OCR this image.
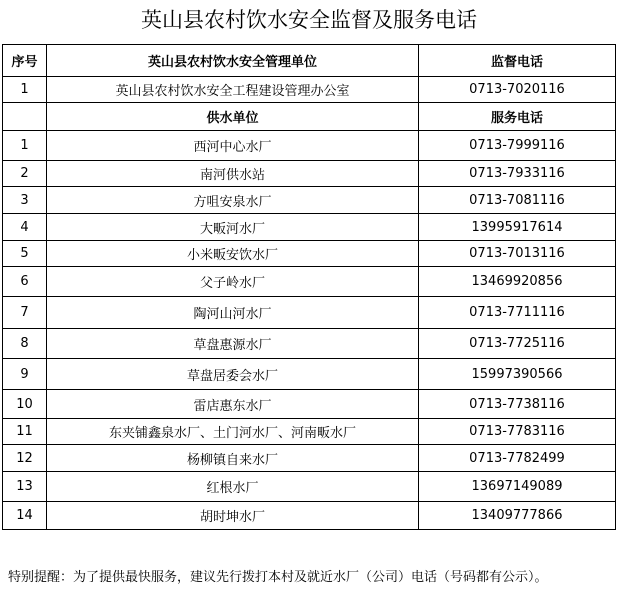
英山县农村饮水安全监督及服务电话
序号	英山县农村饮水安全管理单位	监督电话
1	英山县农村饮水安全工程建设管理办公室	0713-7020116
	供水单位	服务电话
1	西河中心水厂	0713-7999116
2	南河供水站	0713-7933116
3	方咀安泉水厂	0713-7081116
4	大畈河水厂	13995917614
5	小米畈安饮水厂	0713-7013116
6	父子岭水厂	13469920856
7	陶河山河水厂	0713-7711116
8	草盘惠源水厂	0713-7725116
9	草盘居委会水厂	15997390566
10	雷店惠东水厂	0713-7738116
11	东夹铺鑫泉水厂、土门河水厂、河南畈水厂	0713-7783116
12	杨柳镇自来水厂	0713-7782499
13	红根水厂	13697149089
14	胡时坤水厂	13409777866
特别提醒：为了提供最快服务，建议先行拨打本村及就近水厂（公司）电话（号码都有公示）。
